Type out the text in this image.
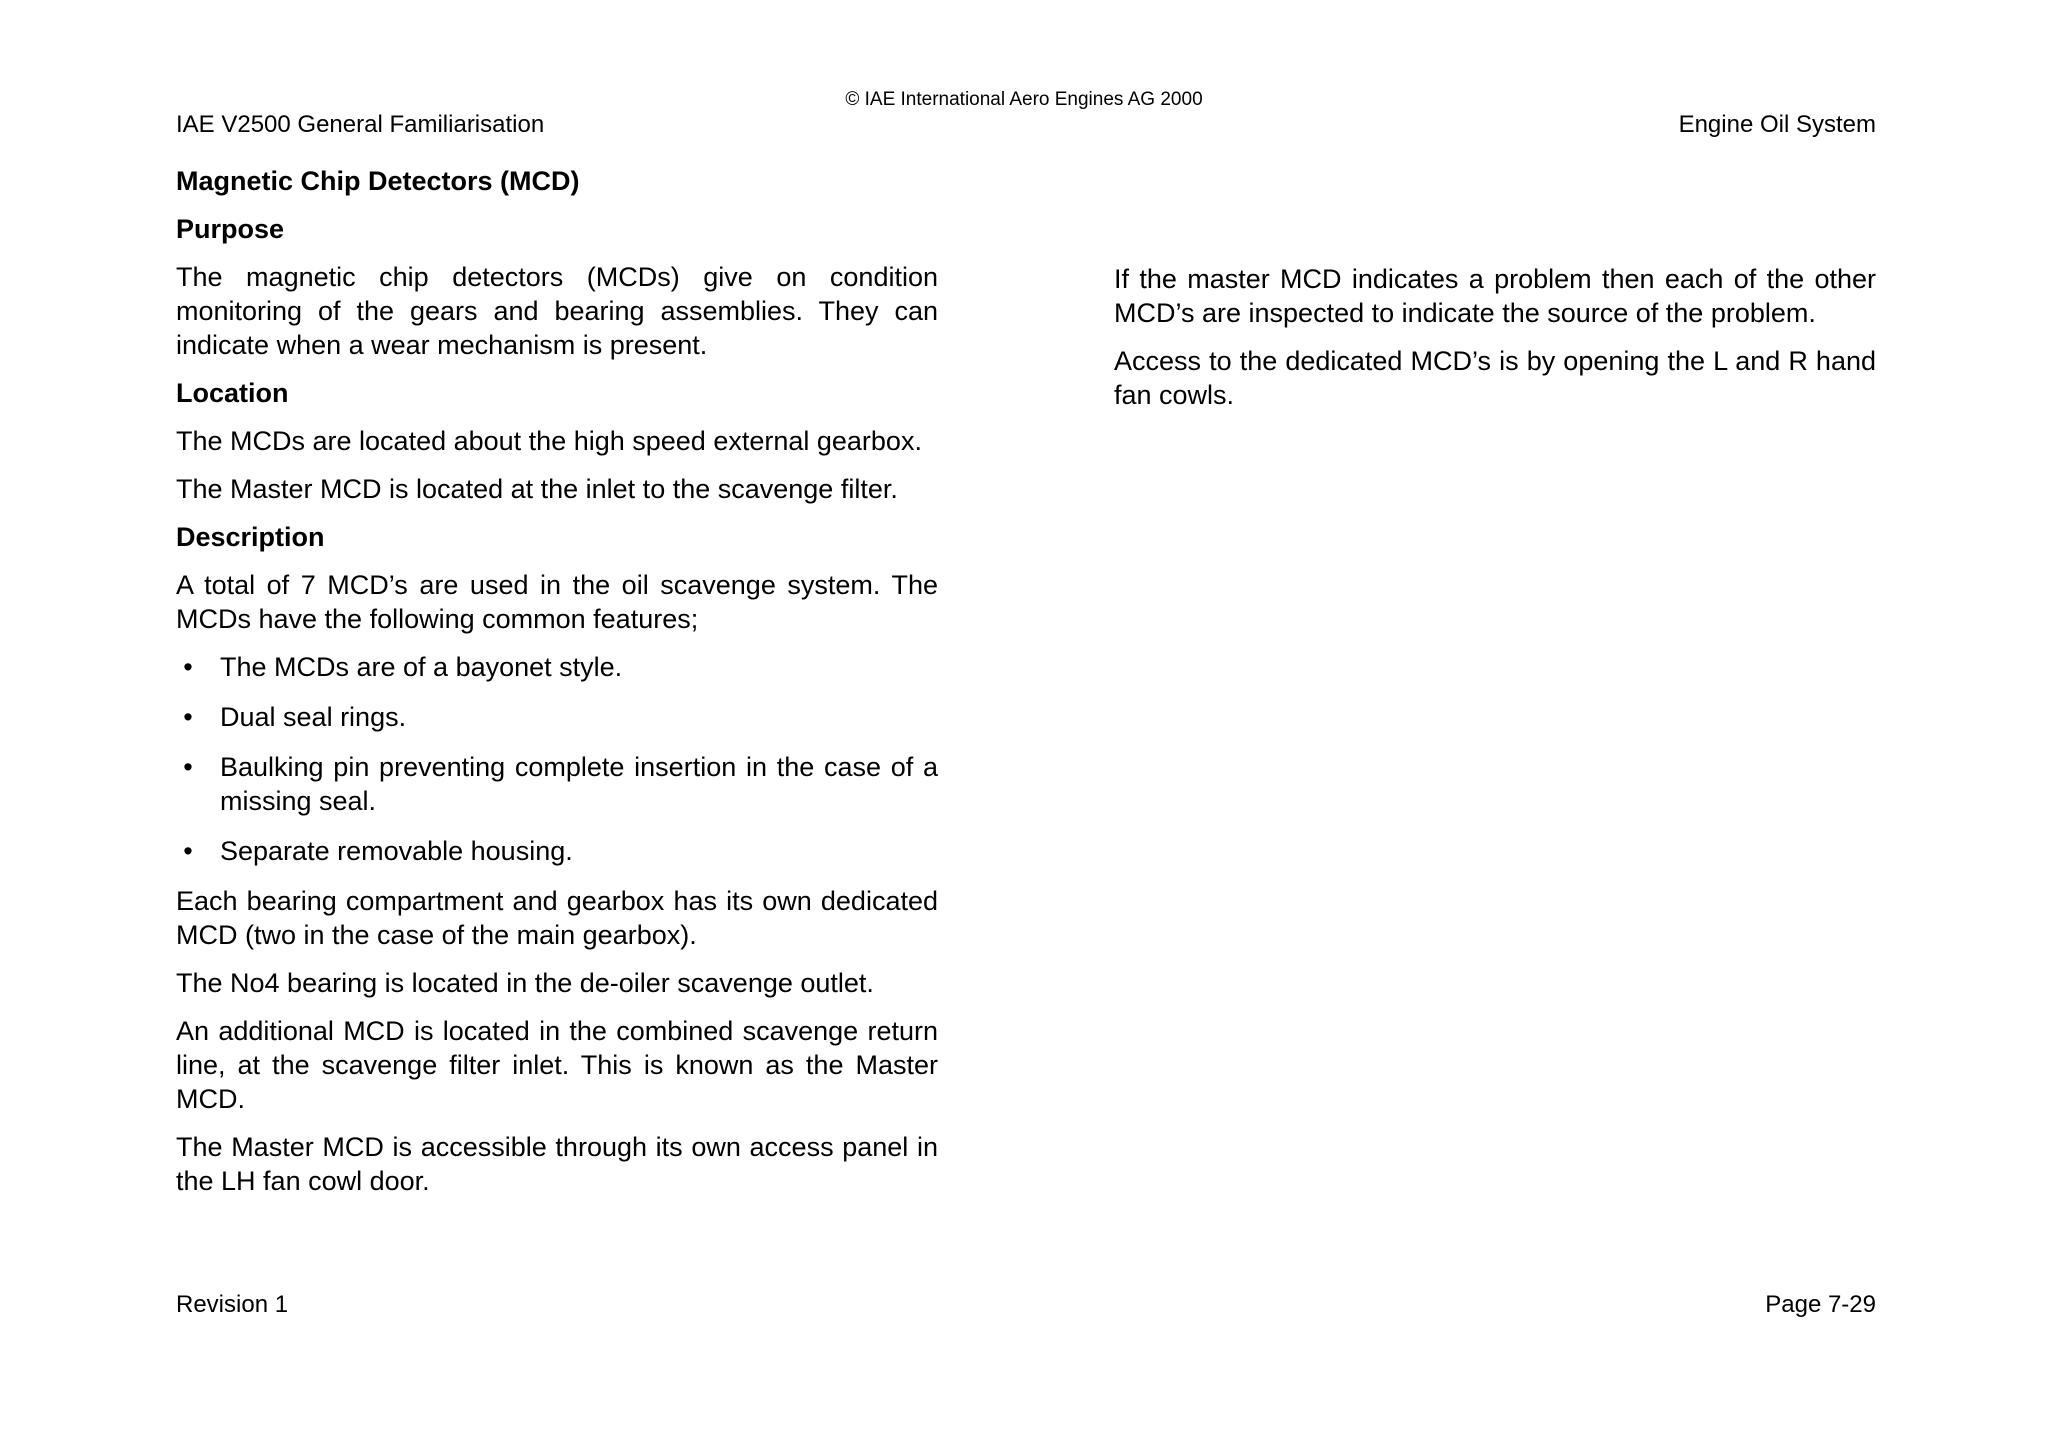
© IAE International Aero Engines AG 2000
IAE V2500 General Familiarisation	Engine Oil System
Magnetic Chip Detectors (MCD)
Purpose

The magnetic chip detectors (MCDs) give on condition monitoring of the gears and bearing assemblies. They can indicate when a wear mechanism is present.

Location

The MCDs are located about the high speed external gearbox.

The Master MCD is located at the inlet to the scavenge filter.

Description

A total of 7 MCD’s are used in the oil scavenge system. The MCDs have the following common features;

• The MCDs are of a bayonet style.
• Dual seal rings.
• Baulking pin preventing complete insertion in the case of a missing seal.
• Separate removable housing.

Each bearing compartment and gearbox has its own dedicated MCD (two in the case of the main gearbox).

The No4 bearing is located in the de-oiler scavenge outlet.

An additional MCD is located in the combined scavenge return line, at the scavenge filter inlet. This is known as the Master MCD.

The Master MCD is accessible through its own access panel in the LH fan cowl door.

If the master MCD indicates a problem then each of the other MCD’s are inspected to indicate the source of the problem.

Access to the dedicated MCD’s is by opening the L and R hand fan cowls.

Revision 1	Page 7-29
